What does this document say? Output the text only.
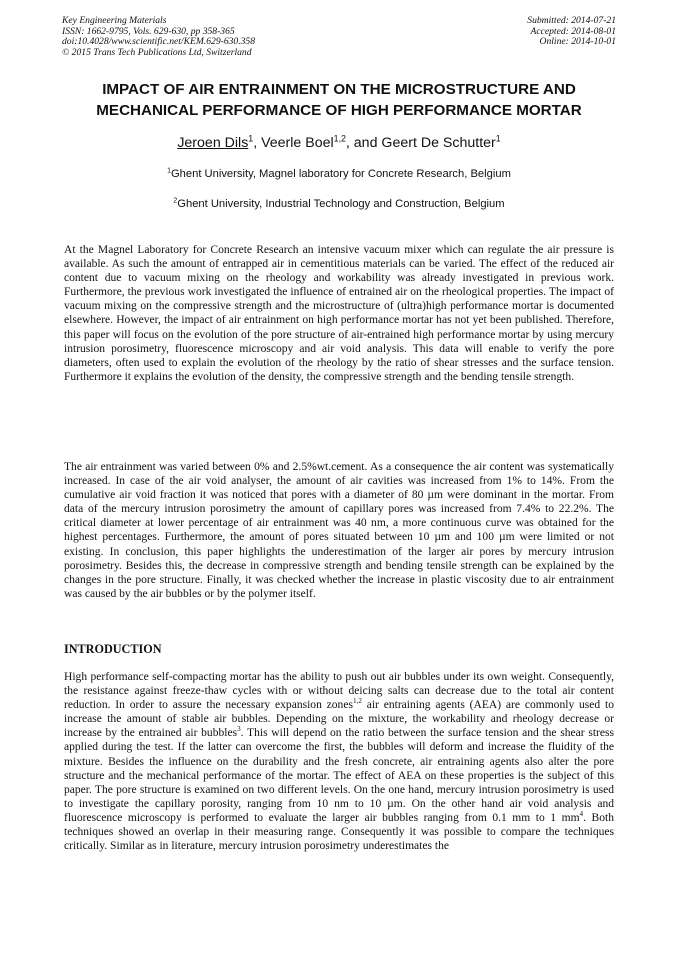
Key Engineering Materials
ISSN: 1662-9795, Vols. 629-630, pp 358-365
doi:10.4028/www.scientific.net/KEM.629-630.358
© 2015 Trans Tech Publications Ltd, Switzerland
Submitted: 2014-07-21
Accepted: 2014-08-01
Online: 2014-10-01
IMPACT OF AIR ENTRAINMENT ON THE MICROSTRUCTURE AND
MECHANICAL PERFORMANCE OF HIGH PERFORMANCE MORTAR
Jeroen Dils$^1$, Veerle Boel$^{1,2}$, and Geert De Schutter$^1$
$^1$Ghent University, Magnel laboratory for Concrete Research, Belgium
$^2$Ghent University, Industrial Technology and Construction, Belgium

At the Magnel Laboratory for Concrete Research an intensive vacuum mixer which can regulate the air pressure is available. As such the amount of entrapped air in cementitious materials can be varied. The effect of the reduced air content due to vacuum mixing on the rheology and workability was already investigated in previous work. Furthermore, the previous work investigated the influence of entrained air on the rheological properties. The impact of vacuum mixing on the compressive strength and the microstructure of (ultra)high performance mortar is documented elsewhere. However, the impact of air entrainment on high performance mortar has not yet been published. Therefore, this paper will focus on the evolution of the pore structure of air-entrained high performance mortar by using mercury intrusion porosimetry, fluorescence microscopy and air void analysis. This data will enable to verify the pore diameters, often used to explain the evolution of the rheology by the ratio of shear stresses and the surface tension. Furthermore it explains the evolution of the density, the compressive strength and the bending tensile strength.

The air entrainment was varied between 0% and 2.5%wt.cement. As a consequence the air content was systematically increased. In case of the air void analyser, the amount of air cavities was increased from 1% to 14%. From the cumulative air void fraction it was noticed that pores with a diameter of 80 µm were dominant in the mortar. From data of the mercury intrusion porosimetry the amount of capillary pores was increased from 7.4% to 22.2%. The critical diameter at lower percentage of air entrainment was 40 nm, a more continuous curve was obtained for the highest percentages. Furthermore, the amount of pores situated between 10 µm and 100 µm were limited or not existing. In conclusion, this paper highlights the underestimation of the larger air pores by mercury intrusion porosimetry. Besides this, the decrease in compressive strength and bending tensile strength can be explained by the changes in the pore structure. Finally, it was checked whether the increase in plastic viscosity due to air entrainment was caused by the air bubbles or by the polymer itself.

INTRODUCTION

High performance self-compacting mortar has the ability to push out air bubbles under its own weight. Consequently, the resistance against freeze-thaw cycles with or without deicing salts can decrease due to the total air content reduction. In order to assure the necessary expansion zones$^{1,2}$ air entraining agents (AEA) are commonly used to increase the amount of stable air bubbles. Depending on the mixture, the workability and rheology decrease or increase by the entrained air bubbles$^3$. This will depend on the ratio between the surface tension and the shear stress applied during the test. If the latter can overcome the first, the bubbles will deform and increase the fluidity of the mixture. Besides the influence on the durability and the fresh concrete, air entraining agents also alter the pore structure and the mechanical performance of the mortar. The effect of AEA on these properties is the subject of this paper. The pore structure is examined on two different levels. On the one hand, mercury intrusion porosimetry is used to investigate the capillary porosity, ranging from 10 nm to 10 µm. On the other hand air void analysis and fluorescence microscopy is performed to evaluate the larger air bubbles ranging from 0.1 mm to 1 $mm^4$. Both techniques showed an overlap in their measuring range. Consequently it was possible to compare the techniques critically. Similar as in literature, mercury intrusion porosimetry underestimates the
